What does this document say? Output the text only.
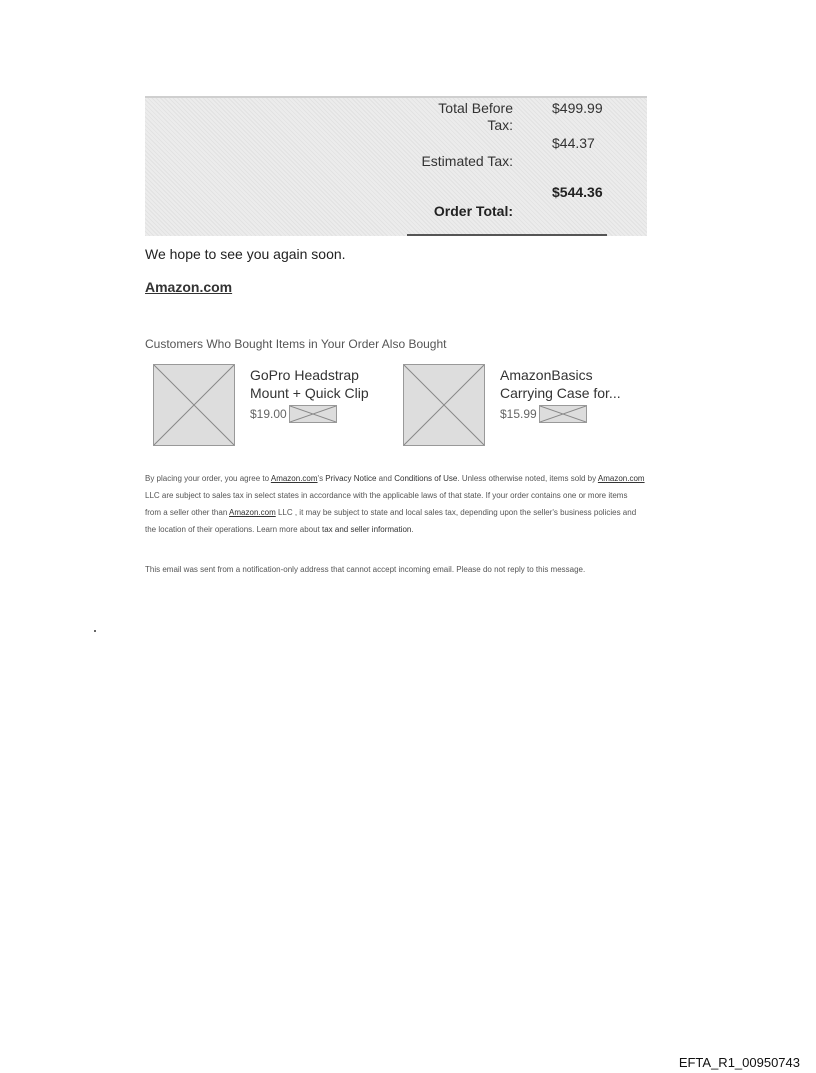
Total Before Tax:
$499.99
Estimated Tax:
$44.37
Order Total:
$544.36
We hope to see you again soon.
Amazon.com
Customers Who Bought Items in Your Order Also Bought
GoPro Headstrap Mount + Quick Clip
$19.00
AmazonBasics Carrying Case for...
$15.99
By placing your order, you agree to Amazon.com's Privacy Notice and Conditions of Use. Unless otherwise noted, items sold by Amazon.com LLC are subject to sales tax in select states in accordance with the applicable laws of that state. If your order contains one or more items from a seller other than Amazon.com LLC , it may be subject to state and local sales tax, depending upon the seller's business policies and the location of their operations. Learn more about tax and seller information.
This email was sent from a notification-only address that cannot accept incoming email. Please do not reply to this message.
EFTA_R1_00950743
